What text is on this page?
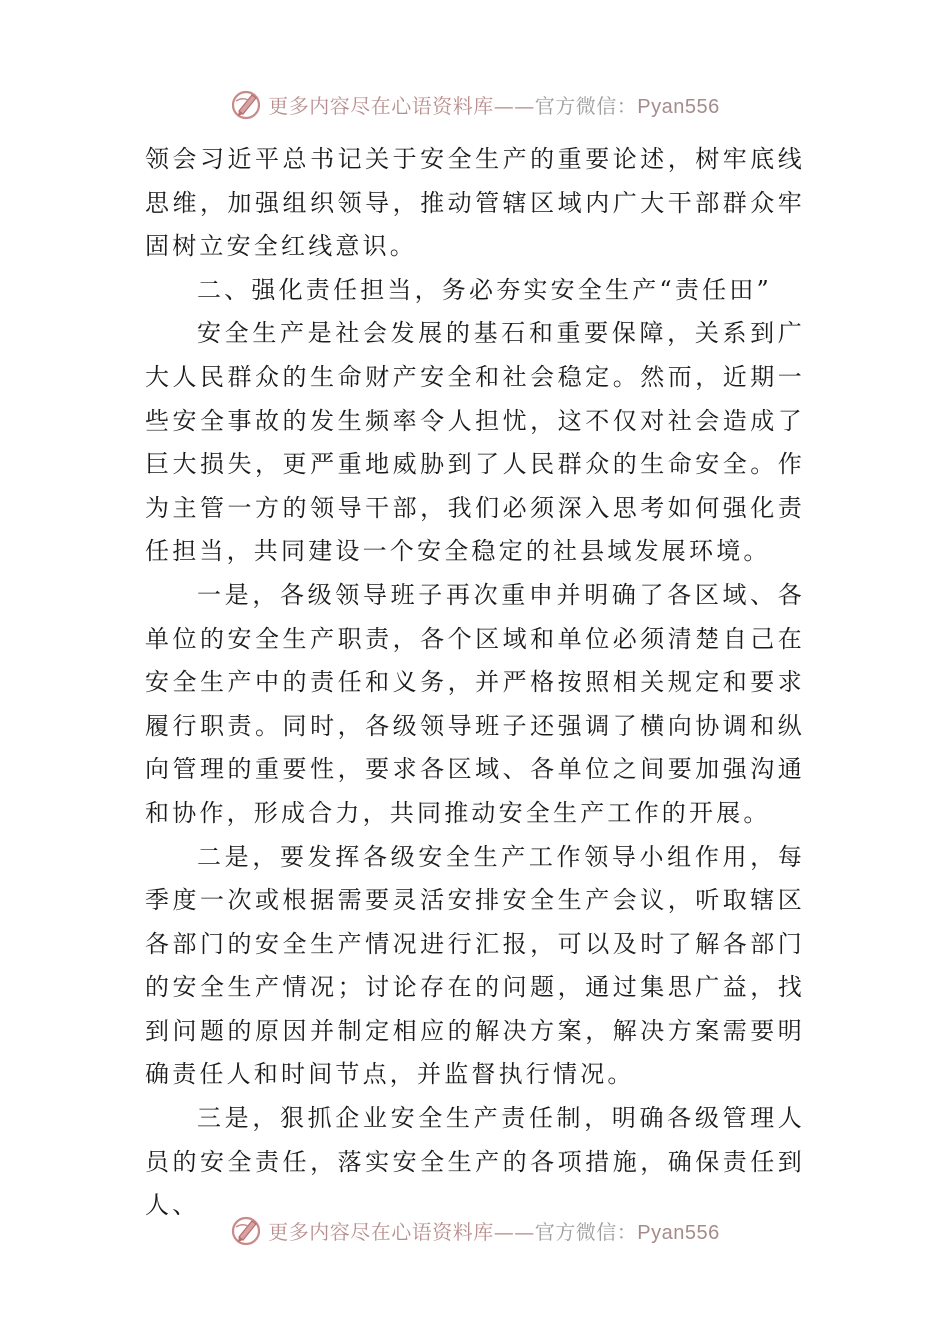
更多内容尽在心语资料库——官方微信：Pyan556

领会习近平总书记关于安全生产的重要论述，树牢底线思维，加强组织领导，推动管辖区域内广大干部群众牢固树立安全红线意识。

二、强化责任担当，务必夯实安全生产“责任田”

安全生产是社会发展的基石和重要保障，关系到广大人民群众的生命财产安全和社会稳定。然而，近期一些安全事故的发生频率令人担忧，这不仅对社会造成了巨大损失，更严重地威胁到了人民群众的生命安全。作为主管一方的领导干部，我们必须深入思考如何强化责任担当，共同建设一个安全稳定的社县域发展环境。

一是，各级领导班子再次重申并明确了各区域、各单位的安全生产职责，各个区域和单位必须清楚自己在安全生产中的责任和义务，并严格按照相关规定和要求履行职责。同时，各级领导班子还强调了横向协调和纵向管理的重要性，要求各区域、各单位之间要加强沟通和协作，形成合力，共同推动安全生产工作的开展。

二是，要发挥各级安全生产工作领导小组作用，每季度一次或根据需要灵活安排安全生产会议，听取辖区各部门的安全生产情况进行汇报，可以及时了解各部门的安全生产情况；讨论存在的问题，通过集思广益，找到问题的原因并制定相应的解决方案，解决方案需要明确责任人和时间节点，并监督执行情况。

三是，狠抓企业安全生产责任制，明确各级管理人员的安全责任，落实安全生产的各项措施，确保责任到人、

更多内容尽在心语资料库——官方微信：Pyan556
